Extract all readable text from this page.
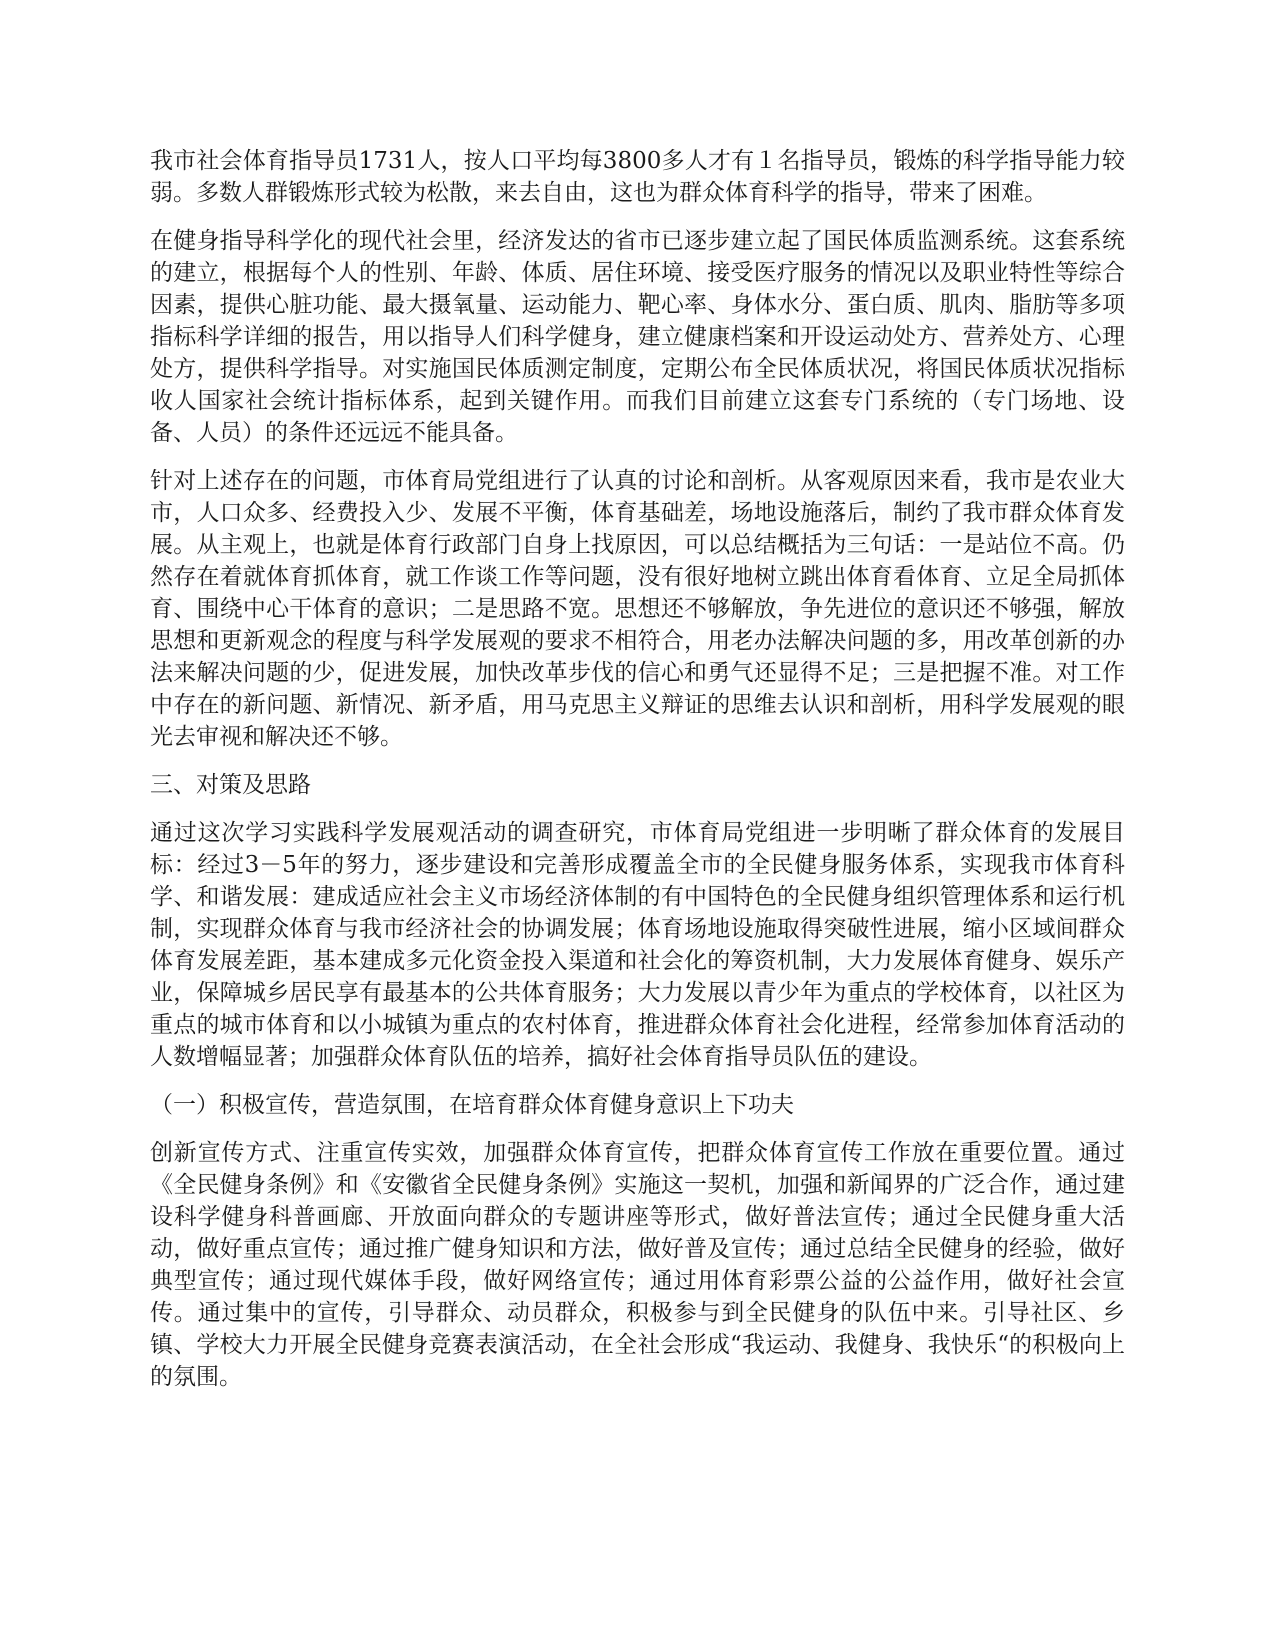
我市社会体育指导员1731人，按人口平均每3800多人才有１名指导员，锻炼的科学指导能力较弱。多数人群锻炼形式较为松散，来去自由，这也为群众体育科学的指导，带来了困难。

在健身指导科学化的现代社会里，经济发达的省市已逐步建立起了国民体质监测系统。这套系统的建立，根据每个人的性别、年龄、体质、居住环境、接受医疗服务的情况以及职业特性等综合因素，提供心脏功能、最大摄氧量、运动能力、靶心率、身体水分、蛋白质、肌肉、脂肪等多项指标科学详细的报告，用以指导人们科学健身，建立健康档案和开设运动处方、营养处方、心理处方，提供科学指导。对实施国民体质测定制度，定期公布全民体质状况，将国民体质状况指标收人国家社会统计指标体系，起到关键作用。而我们目前建立这套专门系统的（专门场地、设备、人员）的条件还远远不能具备。

针对上述存在的问题，市体育局党组进行了认真的讨论和剖析。从客观原因来看，我市是农业大市，人口众多、经费投入少、发展不平衡，体育基础差，场地设施落后，制约了我市群众体育发展。从主观上，也就是体育行政部门自身上找原因，可以总结概括为三句话：一是站位不高。仍然存在着就体育抓体育，就工作谈工作等问题，没有很好地树立跳出体育看体育、立足全局抓体育、围绕中心干体育的意识；二是思路不宽。思想还不够解放，争先进位的意识还不够强，解放思想和更新观念的程度与科学发展观的要求不相符合，用老办法解决问题的多，用改革创新的办法来解决问题的少，促进发展，加快改革步伐的信心和勇气还显得不足；三是把握不准。对工作中存在的新问题、新情况、新矛盾，用马克思主义辩证的思维去认识和剖析，用科学发展观的眼光去审视和解决还不够。

三、对策及思路

通过这次学习实践科学发展观活动的调查研究，市体育局党组进一步明晰了群众体育的发展目标：经过3－5年的努力，逐步建设和完善形成覆盖全市的全民健身服务体系，实现我市体育科学、和谐发展：建成适应社会主义市场经济体制的有中国特色的全民健身组织管理体系和运行机制，实现群众体育与我市经济社会的协调发展；体育场地设施取得突破性进展，缩小区域间群众体育发展差距，基本建成多元化资金投入渠道和社会化的筹资机制，大力发展体育健身、娱乐产业，保障城乡居民享有最基本的公共体育服务；大力发展以青少年为重点的学校体育，以社区为重点的城市体育和以小城镇为重点的农村体育，推进群众体育社会化进程，经常参加体育活动的人数增幅显著；加强群众体育队伍的培养，搞好社会体育指导员队伍的建设。

（一）积极宣传，营造氛围，在培育群众体育健身意识上下功夫

创新宣传方式、注重宣传实效，加强群众体育宣传，把群众体育宣传工作放在重要位置。通过《全民健身条例》和《安徽省全民健身条例》实施这一契机，加强和新闻界的广泛合作，通过建设科学健身科普画廊、开放面向群众的专题讲座等形式，做好普法宣传；通过全民健身重大活动，做好重点宣传；通过推广健身知识和方法，做好普及宣传；通过总结全民健身的经验，做好典型宣传；通过现代媒体手段，做好网络宣传；通过用体育彩票公益的公益作用，做好社会宣传。通过集中的宣传，引导群众、动员群众，积极参与到全民健身的队伍中来。引导社区、乡镇、学校大力开展全民健身竞赛表演活动，在全社会形成“我运动、我健身、我快乐“的积极向上的氛围。
